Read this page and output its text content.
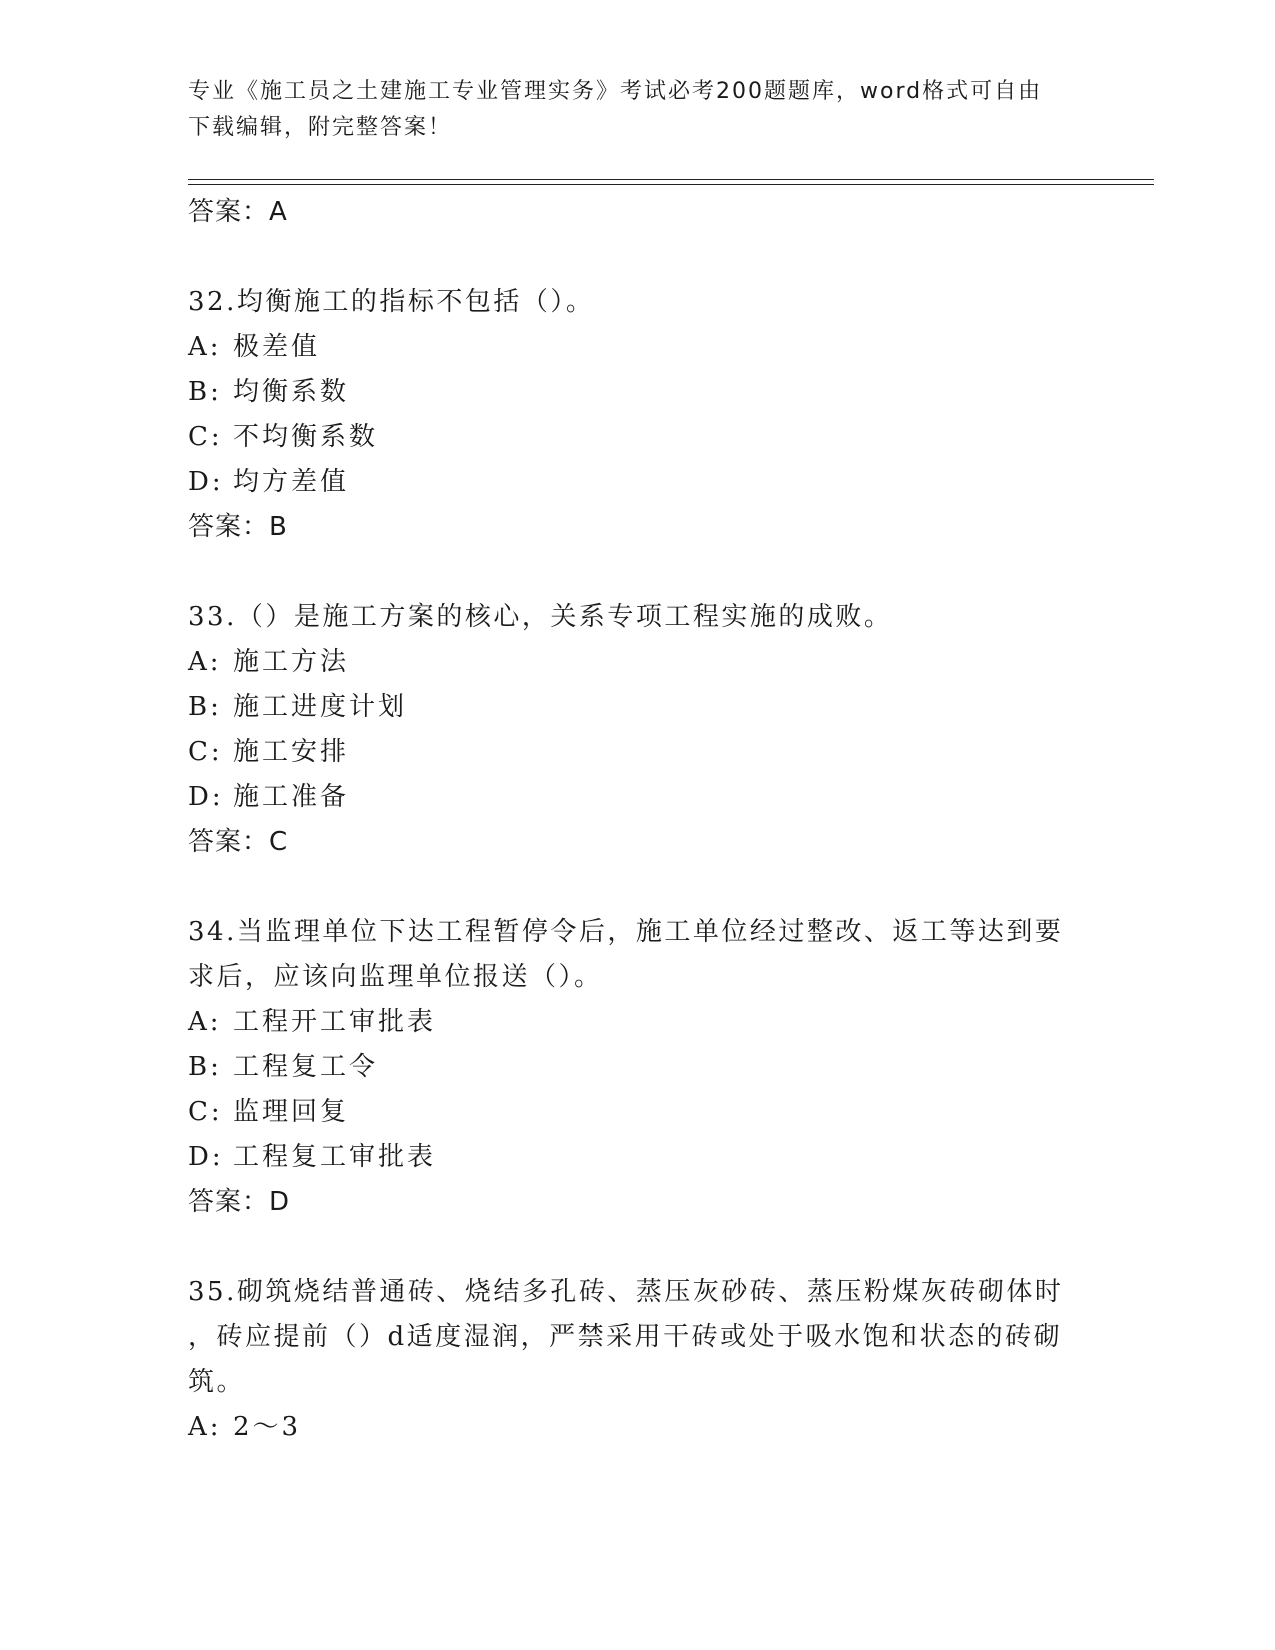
专业《施工员之土建施工专业管理实务》考试必考200题题库，word格式可自由
下载编辑，附完整答案！
答案：A
32.均衡施工的指标不包括（）。
A: 极差值
B: 均衡系数
C: 不均衡系数
D: 均方差值
答案：B
33.（）是施工方案的核心，关系专项工程实施的成败。
A: 施工方法
B: 施工进度计划
C: 施工安排
D: 施工准备
答案：C
34.当监理单位下达工程暂停令后，施工单位经过整改、返工等达到要
求后，应该向监理单位报送（）。
A: 工程开工审批表
B: 工程复工令
C: 监理回复
D: 工程复工审批表
答案：D
35.砌筑烧结普通砖、烧结多孔砖、蒸压灰砂砖、蒸压粉煤灰砖砌体时
，砖应提前（）d适度湿润，严禁采用干砖或处于吸水饱和状态的砖砌
筑。
A: 2～3
